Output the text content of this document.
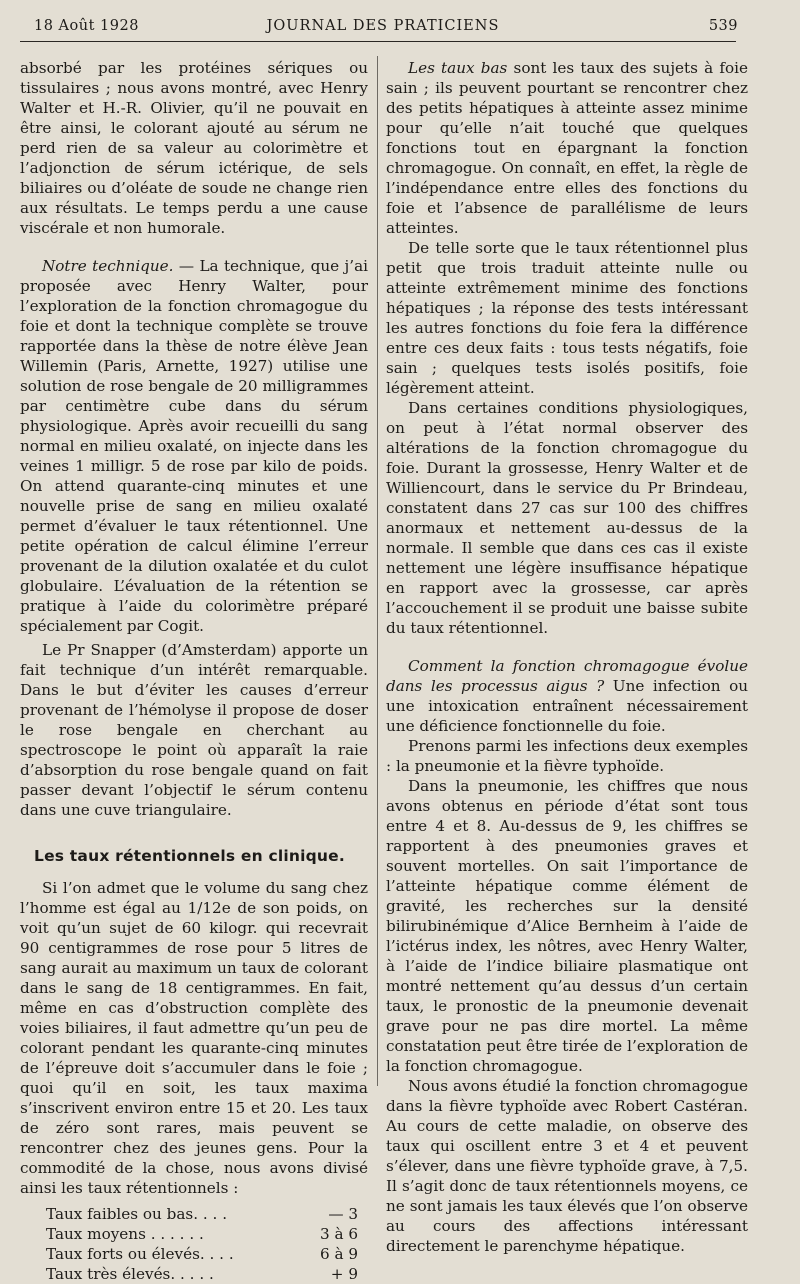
18 Août 1928	JOURNAL DES PRATICIENS	539

absorbé par les protéines sériques ou tissulaires ; nous avons montré, avec Henry Walter et H.-R. Olivier, qu’il ne pouvait en être ainsi, le colorant ajouté au sérum ne perd rien de sa valeur au colorimètre et l’adjonction de sérum ictérique, de sels biliaires ou d’oléate de soude ne change rien aux résultats. Le temps perdu a une cause viscérale et non humorale.

Notre technique. — La technique, que j’ai proposée avec Henry Walter, pour l’exploration de la fonction chromagogue du foie et dont la technique complète se trouve rapportée dans la thèse de notre élève Jean Willemin (Paris, Arnette, 1927) utilise une solution de rose bengale de 20 milligrammes par centimètre cube dans du sérum physiologique. Après avoir recueilli du sang normal en milieu oxalaté, on injecte dans les veines 1 milligr. 5 de rose par kilo de poids. On attend quarante-cinq minutes et une nouvelle prise de sang en milieu oxalaté permet d’évaluer le taux rétentionnel. Une petite opération de calcul élimine l’erreur provenant de la dilution oxalatée et du culot globulaire. L’évaluation de la rétention se pratique à l’aide du colorimètre préparé spécialement par Cogit.

Le Pr Snapper (d’Amsterdam) apporte un fait technique d’un intérêt remarquable. Dans le but d’éviter les causes d’erreur provenant de l’hémolyse il propose de doser le rose bengale en cherchant au spectroscope le point où apparaît la raie d’absorption du rose bengale quand on fait passer devant l’objectif le sérum contenu dans une cuve triangulaire.

Les taux rétentionnels en clinique.

Si l’on admet que le volume du sang chez l’homme est égal au 1/12e de son poids, on voit qu’un sujet de 60 kilogr. qui recevrait 90 centigrammes de rose pour 5 litres de sang aurait au maximum un taux de colorant dans le sang de 18 centigrammes. En fait, même en cas d’obstruction complète des voies biliaires, il faut admettre qu’un peu de colorant pendant les quarante-cinq minutes de l’épreuve doit s’accumuler dans le foie ; quoi qu’il en soit, les taux maxima s’inscrivent environ entre 15 et 20. Les taux de zéro sont rares, mais peuvent se rencontrer chez des jeunes gens. Pour la commodité de la chose, nous avons divisé ainsi les taux rétentionnels :

Taux faibles ou bas. . . .	— 3
Taux moyens . . . . . .	3 à 6
Taux forts ou élevés. . . .	6 à 9
Taux très élevés. . . . .	+ 9

Les taux bas sont les taux des sujets à foie sain ; ils peuvent pourtant se rencontrer chez des petits hépatiques à atteinte assez minime pour qu’elle n’ait touché que quelques fonctions tout en épargnant la fonction chromagogue. On connaît, en effet, la règle de l’indépendance entre elles des fonctions du foie et l’absence de parallélisme de leurs atteintes.

De telle sorte que le taux rétentionnel plus petit que trois traduit atteinte nulle ou atteinte extrêmement minime des fonctions hépatiques ; la réponse des tests intéressant les autres fonctions du foie fera la différence entre ces deux faits : tous tests négatifs, foie sain ; quelques tests isolés positifs, foie légèrement atteint.

Dans certaines conditions physiologiques, on peut à l’état normal observer des altérations de la fonction chromagogue du foie. Durant la grossesse, Henry Walter et de Williencourt, dans le service du Pr Brindeau, constatent dans 27 cas sur 100 des chiffres anormaux et nettement au-dessus de la normale. Il semble que dans ces cas il existe nettement une légère insuffisance hépatique en rapport avec la grossesse, car après l’accouchement il se produit une baisse subite du taux rétentionnel.

Comment la fonction chromagogue évolue dans les processus aigus ? Une infection ou une intoxication entraînent nécessairement une déficience fonctionnelle du foie.

Prenons parmi les infections deux exemples : la pneumonie et la fièvre typhoïde.

Dans la pneumonie, les chiffres que nous avons obtenus en période d’état sont tous entre 4 et 8. Au-dessus de 9, les chiffres se rapportent à des pneumonies graves et souvent mortelles. On sait l’importance de l’atteinte hépatique comme élément de gravité, les recherches sur la densité bilirubinémique d’Alice Bernheim à l’aide de l’ictérus index, les nôtres, avec Henry Walter, à l’aide de l’indice biliaire plasmatique ont montré nettement qu’au dessus d’un certain taux, le pronostic de la pneumonie devenait grave pour ne pas dire mortel. La même constatation peut être tirée de l’exploration de la fonction chromagogue.

Nous avons étudié la fonction chromagogue dans la fièvre typhoïde avec Robert Castéran. Au cours de cette maladie, on observe des taux qui oscillent entre 3 et 4 et peuvent s’élever, dans une fièvre typhoïde grave, à 7,5. Il s’agit donc de taux rétentionnels moyens, ce ne sont jamais les taux élevés que l’on observe au cours des affections intéressant directement le parenchyme hépatique.
